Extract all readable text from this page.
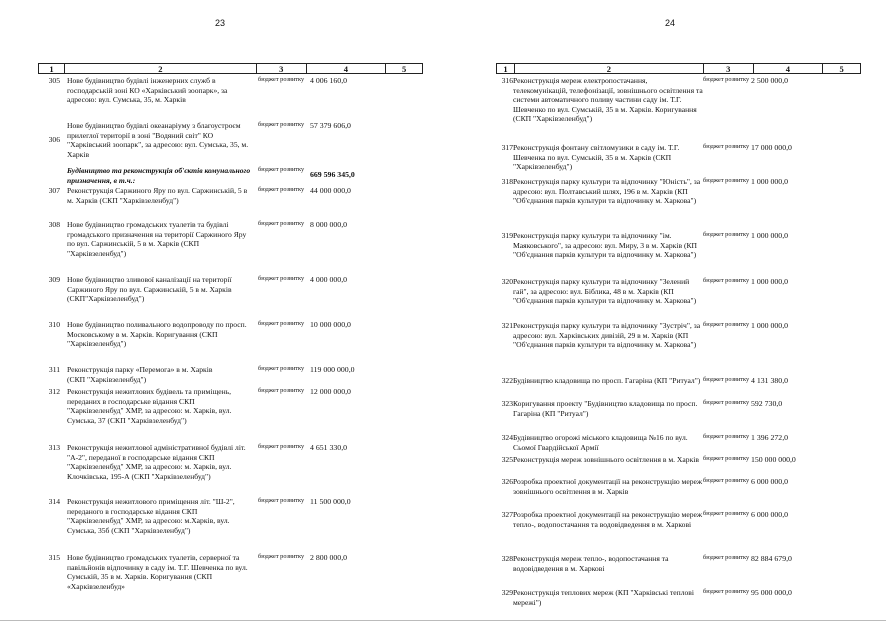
23
1	2	3	4	5
305 Нове будівництво будівлі інженерних служб в господарській зоні КО «Харківський зоопарк», за адресою: вул. Сумська, 35, м. Харків
бюджет розвитку 4 006 160,0
306
Нове будівництво будівлі океанаріуму з благоустроєм прилеглої території в зоні "Водяний світ" КО "Харківський зоопарк", за адресою: вул. Сумська, 35, м. Харків
бюджет розвитку 57 379 606,0
Будівництво та реконструкція об'єктів комунального призначення, в т.ч.:
бюджет розвитку
669 596 345,0
307 Реконструкція Саржиного Яру по вул. Саржинській, 5 в м. Харків (СКП "Харківзеленбуд")
бюджет розвитку 44 000 000,0
308 Нове будівництво громадських туалетів та будівлі громадського призначення на території Саржиного Яру по вул. Саржинській, 5 в м. Харків (СКП "Харківзеленбуд")
бюджет розвитку 8 000 000,0
309 Нове будівництво зливової каналізації на території Саржиного Яру по вул. Саржинській, 5 в м. Харків (СКП"Харківзеленбуд")
бюджет розвитку 4 000 000,0
310 Нове будівництво поливального водопроводу по просп. Московському в м. Харків. Коригування (СКП "Харківзеленбуд")
бюджет розвитку 10 000 000,0
311 Реконструкція парку «Перемога» в м. Харків (СКП "Харківзеленбуд")
бюджет розвитку 119 000 000,0
312 Реконструкція нежитлових будівель та приміщень, переданих в господарське відання СКП "Харківзеленбуд" ХМР, за адресою: м. Харків, вул. Сумська, 37 (СКП "Харківзеленбуд")
бюджет розвитку 12 000 000,0
313 Реконструкція нежитлової адміністративної будівлі літ. "А-2", переданої в господарське відання СКП "Харківзеленбуд" ХМР, за адресою: м. Харків, вул. Клочківська, 195-А (СКП "Харківзеленбуд")
бюджет розвитку 4 651 330,0
314 Реконструкція нежитлового приміщення літ. "Ш-2", переданого в господарське відання СКП "Харківзеленбуд" ХМР, за адресою: м.Харків, вул. Сумська, 35б (СКП "Харківзеленбуд")
бюджет розвитку 11 500 000,0
315 Нове будівництво громадських туалетів, серверної та павільйонів відпочинку в саду ім. Т.Г. Шевченка по вул. Сумській, 35 в м. Харків. Коригування (СКП «Харківзеленбуд»
бюджет розвитку 2 800 000,0
24
1	2	3	4	5
316 Реконструкція мереж електропостачання, телекомунікацій, телефонізації, зовнішнього освітлення та системи автоматичного поливу частини саду ім. Т.Г. Шевченко по вул. Сумській, 35 в м. Харків. Коригування (СКП "Харківзеленбуд")
бюджет розвитку 2 500 000,0
317 Реконструкція фонтану світломузики в саду ім. Т.Г. Шевченка по вул. Сумській, 35 в м. Харків (СКП "Харківзеленбуд")
бюджет розвитку 17 000 000,0
318 Реконструкція парку культури та відпочинку "Юність", за адресою: вул. Полтавський шлях, 196 в м. Харків (КП "Об'єднання парків культури та відпочинку м. Харкова")
бюджет розвитку 1 000 000,0
319 Реконструкція парку культури та відпочинку "ім. Маяковського", за адресою: вул. Миру, 3 в м. Харків (КП "Об'єднання парків культури та відпочинку м. Харкова")
бюджет розвитку 1 000 000,0
320 Реконструкція парку культури та відпочинку "Зелений гай", за адресою: вул. Біблика, 48 в м. Харків (КП "Об'єднання парків культури та відпочинку м. Харкова")
бюджет розвитку 1 000 000,0
321 Реконструкція парку культури та відпочинку "Зустріч", за адресою: вул. Харківських дивізій, 29 в м. Харків (КП "Об'єднання парків культури та відпочинку м. Харкова")
бюджет розвитку 1 000 000,0
322 Будівництво кладовища по просп. Гагаріна (КП "Ритуал") бюджет розвитку 4 131 380,0
323 Коригування проекту "Будівництво кладовища по просп. Гагаріна (КП "Ритуал")
бюджет розвитку 592 730,0
324 Будівництво огорожі міського кладовища №16 по вул. Сьомої Гвардійської Армії
бюджет розвитку 1 396 272,0
325 Реконструкція мереж зовнішнього освітлення в м. Харків бюджет розвитку 150 000 000,0
326 Розробка проектної документації на реконструкцію мереж зовнішнього освітлення в м. Харків
бюджет розвитку 6 000 000,0
327 Розробка проектної документації на реконструкцію мереж тепло-, водопостачання та водовідведення в м. Харкові
бюджет розвитку 6 000 000,0
328 Реконструкція мереж тепло-, водопостачання та водовідведення в м. Харкові
бюджет розвитку 82 884 679,0
329 Реконструкція теплових мереж (КП "Харківські теплові мережі")
бюджет розвитку 95 000 000,0
